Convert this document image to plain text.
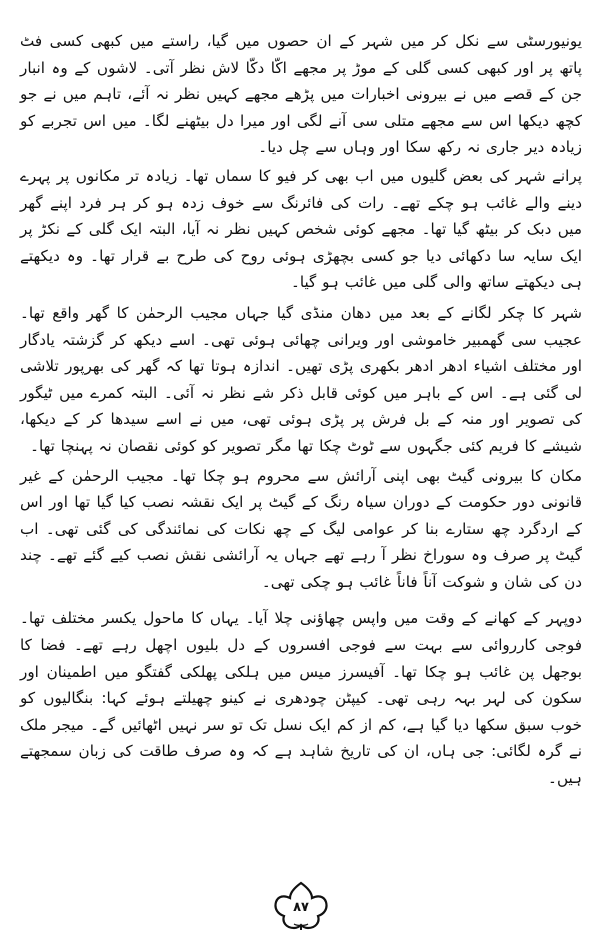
یونیورسٹی سے نکل کر میں شہر کے ان حصوں میں گیا، راستے میں کبھی کسی فٹ پاتھ پر اور کبھی کسی گلی کے موڑ پر مجھے اکّا دکّا لاش نظر آتی۔ لاشوں کے وہ انبار جن کے قصے میں نے بیرونی اخبارات میں پڑھے مجھے کہیں نظر نہ آئے، تاہم میں نے جو کچھ دیکھا اس سے مجھے متلی سی آنے لگی اور میرا دل بیٹھنے لگا۔ میں اس تجربے کو زیادہ دیر جاری نہ رکھ سکا اور وہاں سے چل دیا۔

پرانے شہر کی بعض گلیوں میں اب بھی کر فیو کا سماں تھا۔ زیادہ تر مکانوں پر پہرے دینے والے غائب ہو چکے تھے۔ رات کی فائرنگ سے خوف زدہ ہو کر ہر فرد اپنے گھر میں دبک کر بیٹھ گیا تھا۔ مجھے کوئی شخص کہیں نظر نہ آیا، البتہ ایک گلی کے نکڑ پر ایک سایہ سا دکھائی دیا جو کسی بچھڑی ہوئی روح کی طرح بے قرار تھا۔ وہ دیکھتے ہی دیکھتے ساتھ والی گلی میں غائب ہو گیا۔

شہر کا چکر لگانے کے بعد میں دھان منڈی گیا جہاں مجیب الرحمٰن کا گھر واقع تھا۔ عجیب سی گھمبیر خاموشی اور ویرانی چھائی ہوئی تھی۔ اسے دیکھ کر گزشتہ یادگار اور مختلف اشیاء ادھر ادھر بکھری پڑی تھیں۔ اندازہ ہوتا تھا کہ گھر کی بھرپور تلاشی لی گئی ہے۔ اس کے باہر میں کوئی قابل ذکر شے نظر نہ آئی۔ البتہ کمرے میں ٹیگور کی تصویر اور منہ کے بل فرش پر پڑی ہوئی تھی، میں نے اسے سیدھا کر کے دیکھا، شیشے کا فریم کئی جگہوں سے ٹوٹ چکا تھا مگر تصویر کو کوئی نقصان نہ پہنچا تھا۔

مکان کا بیرونی گیٹ بھی اپنی آرائش سے محروم ہو چکا تھا۔ مجیب الرحمٰن کے غیر قانونی دور حکومت کے دوران سیاہ رنگ کے گیٹ پر ایک نقشہ نصب کیا گیا تھا اور اس کے اردگرد چھ ستارے بنا کر عوامی لیگ کے چھ نکات کی نمائندگی کی گئی تھی۔ اب گیٹ پر صرف وہ سوراخ نظر آ رہے تھے جہاں یہ آرائشی نقش نصب کیے گئے تھے۔ چند دن کی شان و شوکت آناً فاناً غائب ہو چکی تھی۔

دوپہر کے کھانے کے وقت میں واپس چھاؤنی چلا آیا۔ یہاں کا ماحول یکسر مختلف تھا۔ فوجی کارروائی سے بہت سے فوجی افسروں کے دل بلیوں اچھل رہے تھے۔ فضا کا بوجھل پن غائب ہو چکا تھا۔ آفیسرز میس میں ہلکی پھلکی گفتگو میں اطمینان اور سکون کی لہر بہہ رہی تھی۔ کیپٹن چودھری نے کینو چھیلتے ہوئے کہا: بنگالیوں کو خوب سبق سکھا دیا گیا ہے، کم از کم ایک نسل تک تو سر نہیں اٹھائیں گے۔ میجر ملک نے گرہ لگائی: جی ہاں، ان کی تاریخ شاہد ہے کہ وہ صرف طاقت کی زبان سمجھتے ہیں۔

۸۷
